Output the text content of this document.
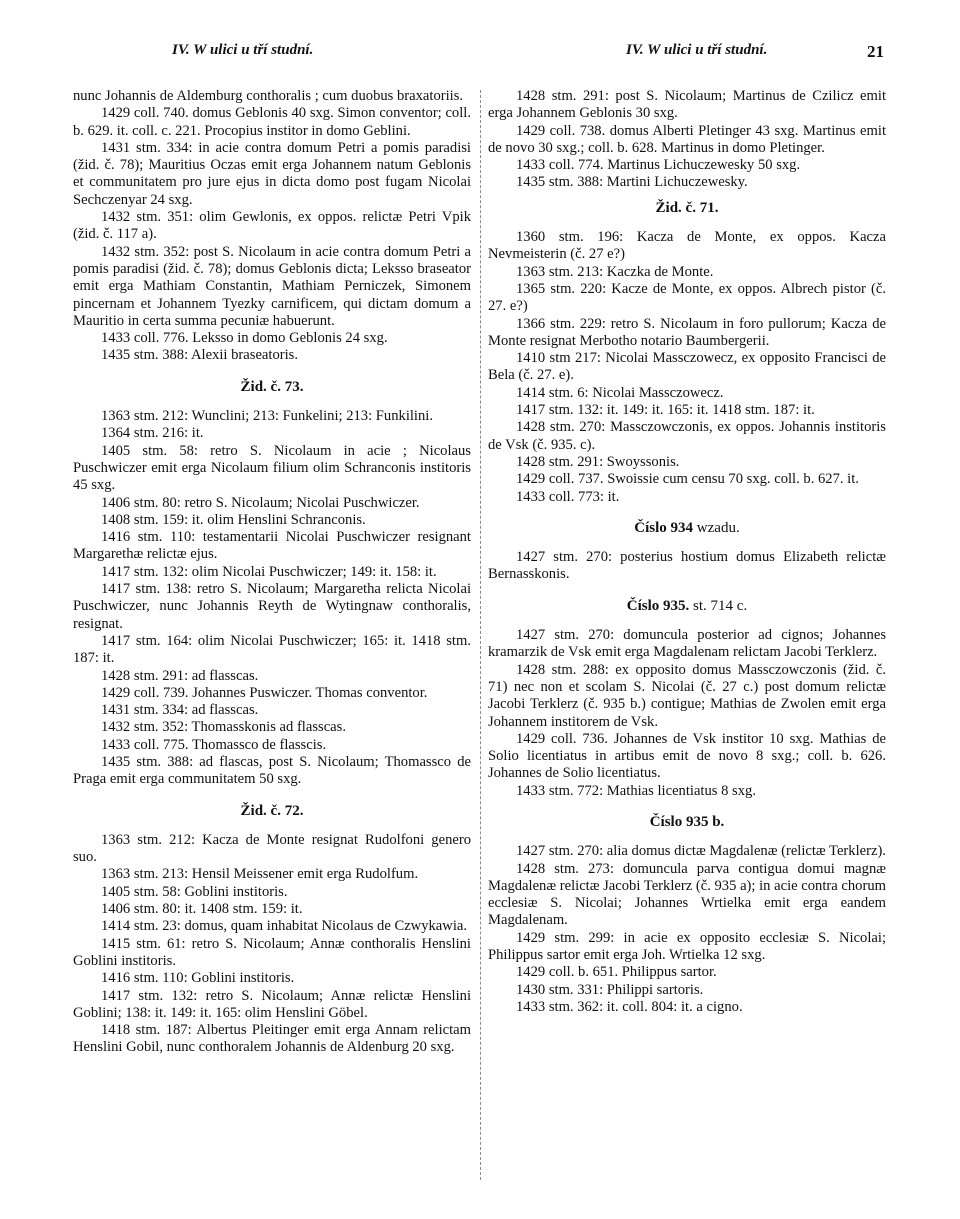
IV. W ulici u tří studní.	IV. W ulici u tří studní.	21

nunc Johannis de Aldemburg conthoralis ; cum duobus braxatoriis.

1429 coll. 740. domus Geblonis 40 sxg. Simon conventor; coll. b. 629. it. coll. c. 221. Procopius institor in domo Geblini.

1431 stm. 334: in acie contra domum Petri a pomis paradisi (žid. č. 78); Mauritius Oczas emit erga Johannem natum Geblonis et communitatem pro jure ejus in dicta domo post fugam Nicolai Sechczenyar 24 sxg.

1432 stm. 351: olim Gewlonis, ex oppos. relictæ Petri Vpik (žid. č. 117 a).

1432 stm. 352: post S. Nicolaum in acie contra domum Petri a pomis paradisi (žid. č. 78); domus Geblonis dicta; Leksso braseator emit erga Mathiam Constantin, Mathiam Perniczek, Simonem pincernam et Johannem Tyezky carnificem, qui dictam domum a Mauritio in certa summa pecuniæ habuerunt.

1433 coll. 776. Leksso in domo Geblonis 24 sxg.

1435 stm. 388: Alexii braseatoris.

Žid. č. 73.

1363 stm. 212: Wunclini; 213: Funkelini; 213: Funkilini.

1364 stm. 216: it.

1405 stm. 58: retro S. Nicolaum in acie ; Nicolaus Puschwiczer emit erga Nicolaum filium olim Schranconis institoris 45 sxg.

1406 stm. 80: retro S. Nicolaum; Nicolai Puschwiczer.

1408 stm. 159: it. olim Henslini Schranconis.

1416 stm. 110: testamentarii Nicolai Puschwiczer resignant Margarethæ relictæ ejus.

1417 stm. 132: olim Nicolai Puschwiczer; 149: it. 158: it.

1417 stm. 138: retro S. Nicolaum; Margaretha relicta Nicolai Puschwiczer, nunc Johannis Reyth de Wytingnaw conthoralis, resignat.

1417 stm. 164: olim Nicolai Puschwiczer; 165: it. 1418 stm. 187: it.

1428 stm. 291: ad flasscas.

1429 coll. 739. Johannes Puswiczer. Thomas conventor.

1431 stm. 334: ad flasscas.

1432 stm. 352: Thomasskonis ad flasscas.

1433 coll. 775. Thomassco de flasscis.

1435 stm. 388: ad flascas, post S. Nicolaum; Thomassco de Praga emit erga communitatem 50 sxg.

Žid. č. 72.

1363 stm. 212: Kacza de Monte resignat Rudolfoni genero suo.

1363 stm. 213: Hensil Meissener emit erga Rudolfum.

1405 stm. 58: Goblini institoris.

1406 stm. 80: it. 1408 stm. 159: it.

1414 stm. 23: domus, quam inhabitat Nicolaus de Czwykawia.

1415 stm. 61: retro S. Nicolaum; Annæ conthoralis Henslini Goblini institoris.

1416 stm. 110: Goblini institoris.

1417 stm. 132: retro S. Nicolaum; Annæ relictæ Henslini Goblini; 138: it. 149: it. 165: olim Henslini Göbel.

1418 stm. 187: Albertus Pleitinger emit erga Annam relictam Henslini Gobil, nunc conthoralem Johannis de Aldenburg 20 sxg.

1428 stm. 291: post S. Nicolaum; Martinus de Czilicz emit erga Johannem Geblonis 30 sxg.

1429 coll. 738. domus Alberti Pletinger 43 sxg. Martinus emit de novo 30 sxg.; coll. b. 628. Martinus in domo Pletinger.

1433 coll. 774. Martinus Lichuczewesky 50 sxg.

1435 stm. 388: Martini Lichuczewesky.

Žid. č. 71.

1360 stm. 196: Kacza de Monte, ex oppos. Kacza Nevmeisterin (č. 27 e?)

1363 stm. 213: Kaczka de Monte.

1365 stm. 220: Kacze de Monte, ex oppos. Albrech pistor (č. 27. e?)

1366 stm. 229: retro S. Nicolaum in foro pullorum; Kacza de Monte resignat Merbotho notario Baumbergerii.

1410 stm 217: Nicolai Massczowecz, ex opposito Francisci de Bela (č. 27. e).

1414 stm. 6: Nicolai Massczowecz.

1417 stm. 132: it. 149: it. 165: it. 1418 stm. 187: it.

1428 stm. 270: Massczowczonis, ex oppos. Johannis institoris de Vsk (č. 935. c).

1428 stm. 291: Swoyssonis.

1429 coll. 737. Swoissie cum censu 70 sxg. coll. b. 627. it.

1433 coll. 773: it.

Číslo 934 wzadu.

1427 stm. 270: posterius hostium domus Elizabeth relictæ Bernasskonis.

Číslo 935. st. 714 c.

1427 stm. 270: domuncula posterior ad cignos; Johannes kramarzik de Vsk emit erga Magdalenam relictam Jacobi Terklerz.

1428 stm. 288: ex opposito domus Massczowczonis (žid. č. 71) nec non et scolam S. Nicolai (č. 27 c.) post domum relictæ Jacobi Terklerz (č. 935 b.) contigue; Mathias de Zwolen emit erga Johannem institorem de Vsk.

1429 coll. 736. Johannes de Vsk institor 10 sxg. Mathias de Solio licentiatus in artibus emit de novo 8 sxg.; coll. b. 626. Johannes de Solio licentiatus.

1433 stm. 772: Mathias licentiatus 8 sxg.

Číslo 935 b.

1427 stm. 270: alia domus dictæ Magdalenæ (relictæ Terklerz).

1428 stm. 273: domuncula parva contigua domui magnæ Magdalenæ relictæ Jacobi Terklerz (č. 935 a); in acie contra chorum ecclesiæ S. Nicolai; Johannes Wrtielka emit erga eandem Magdalenam.

1429 stm. 299: in acie ex opposito ecclesiæ S. Nicolai; Philippus sartor emit erga Joh. Wrtielka 12 sxg.

1429 coll. b. 651. Philippus sartor.

1430 stm. 331: Philippi sartoris.

1433 stm. 362: it. coll. 804: it. a cigno.
